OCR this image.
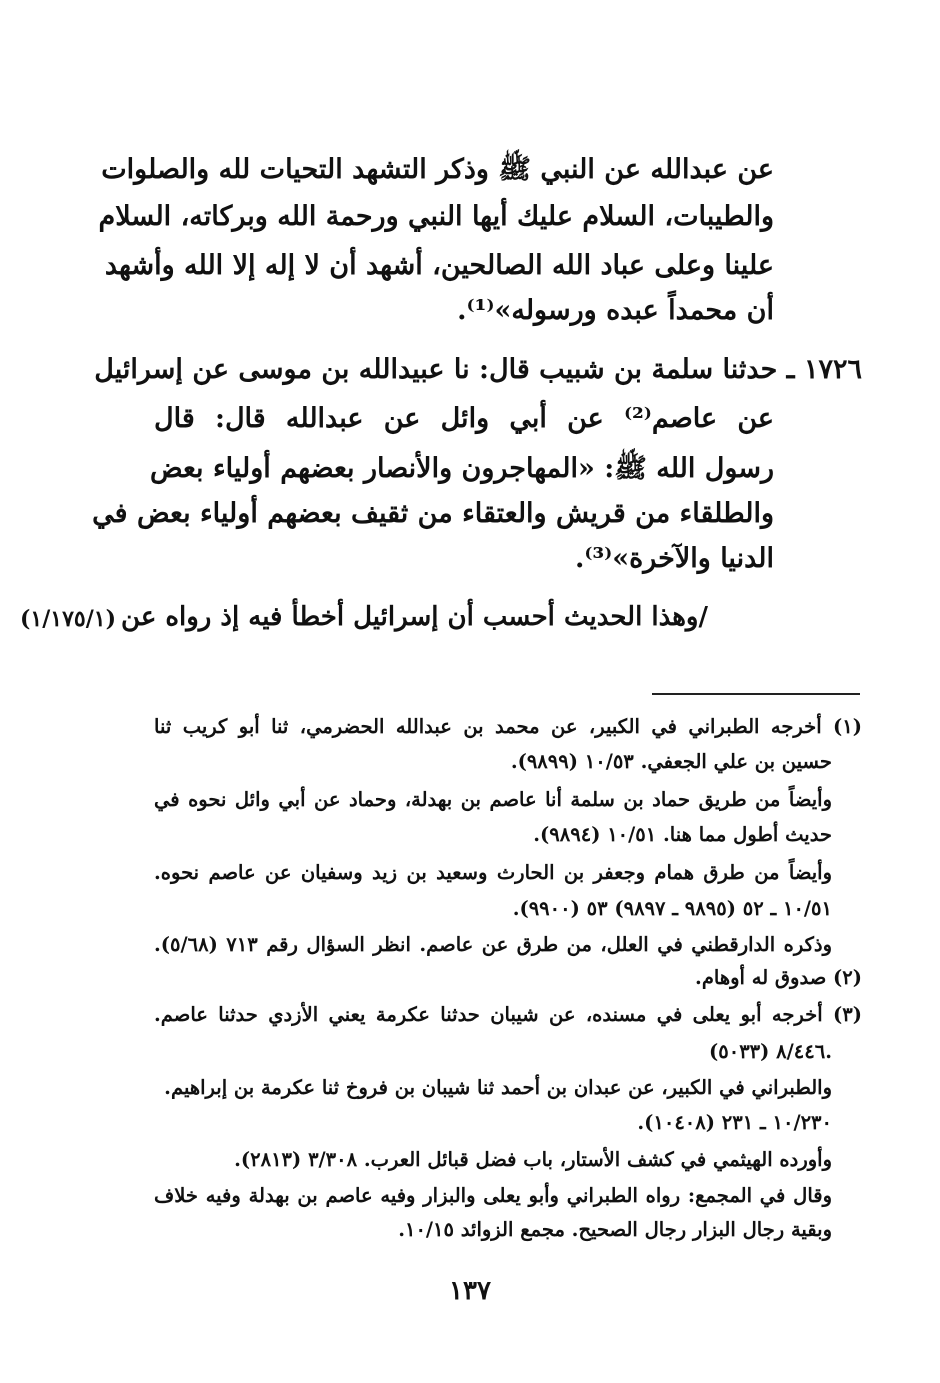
عن عبدالله عن النبي ﷺ وذكر التشهد التحيات لله والصلوات
والطيبات، السلام عليك أيها النبي ورحمة الله وبركاته، السلام
علينا وعلى عباد الله الصالحين، أشهد أن لا إله إلا الله وأشهد
أن محمداً عبده ورسوله»⁽¹⁾.
١٧٢٦ ـ حدثنا سلمة بن شبيب قال: نا عبيدالله بن موسى عن إسرائيل
عن عاصم⁽²⁾ عن أبي وائل عن عبدالله قال: قال
رسول الله ﷺ: «المهاجرون والأنصار بعضهم أولياء بعض
والطلقاء من قريش والعتقاء من ثقيف بعضهم أولياء بعض في
الدنيا والآخرة»⁽³⁾.
/وهذا الحديث أحسب أن إسرائيل أخطأ فيه إذ رواه عن
(١/١٧٥/١)
(١) أخرجه الطبراني في الكبير، عن محمد بن عبدالله الحضرمي، ثنا أبو كريب ثنا
حسين بن علي الجعفي. ١٠/٥٣ (٩٨٩٩).
وأيضاً من طريق حماد بن سلمة أنا عاصم بن بهدلة، وحماد عن أبي وائل نحوه في
حديث أطول مما هنا. ١٠/٥١ (٩٨٩٤).
وأيضاً من طرق همام وجعفر بن الحارث وسعيد بن زيد وسفيان عن عاصم نحوه.
١٠/٥١ ـ ٥٢ (٩٨٩٥ ـ ٩٨٩٧) ٥٣ (٩٩٠٠).
وذكره الدارقطني في العلل، من طرق عن عاصم. انظر السؤال رقم ٧١٣ (٥/٦٨).
(٢) صدوق له أوهام.
(٣) أخرجه أبو يعلى في مسنده، عن شيبان حدثنا عكرمة يعني الأزدي حدثنا عاصم.
٨/٤٤٦ (٥٠٣٣).
والطبراني في الكبير، عن عبدان بن أحمد ثنا شيبان بن فروخ ثنا عكرمة بن إبراهيم.
١٠/٢٣٠ ـ ٢٣١ (١٠٤٠٨).
وأورده الهيثمي في كشف الأستار، باب فضل قبائل العرب. ٣/٣٠٨ (٢٨١٣).
وقال في المجمع: رواه الطبراني وأبو يعلى والبزار وفيه عاصم بن بهدلة وفيه خلاف
وبقية رجال البزار رجال الصحيح. مجمع الزوائد ١٠/١٥.
١٣٧
